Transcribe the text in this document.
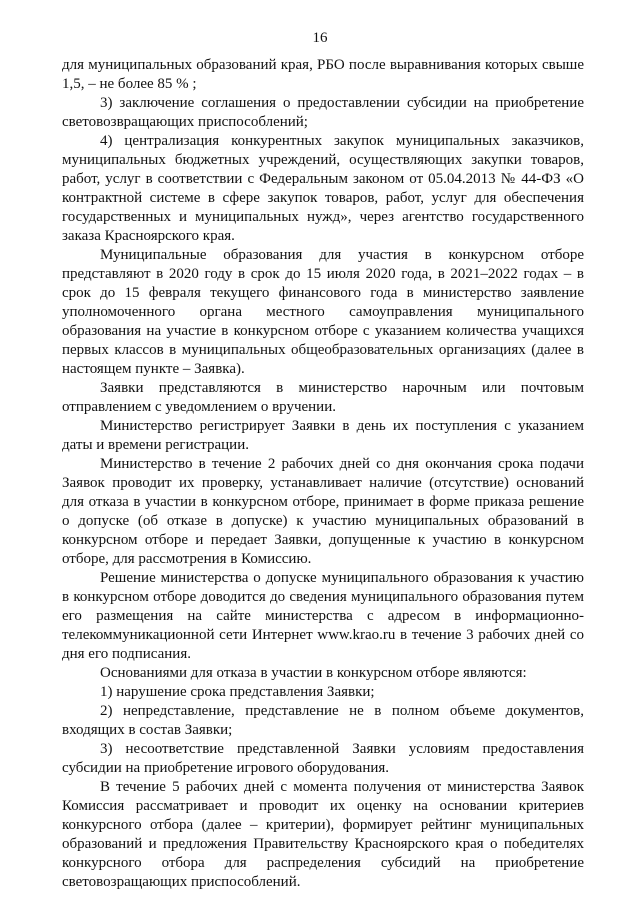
16

для муниципальных образований края, РБО после выравнивания которых свыше 1,5, – не более 85 % ;

3) заключение соглашения о предоставлении субсидии на приобретение световозвращающих приспособлений;

4) централизация конкурентных закупок муниципальных заказчиков, муниципальных бюджетных учреждений, осуществляющих закупки товаров, работ, услуг в соответствии с Федеральным законом от 05.04.2013 № 44-ФЗ «О контрактной системе в сфере закупок товаров, работ, услуг для обеспечения государственных и муниципальных нужд», через агентство государственного заказа Красноярского края.

Муниципальные образования для участия в конкурсном отборе представляют в 2020 году в срок до 15 июля 2020 года, в 2021–2022 годах – в срок до 15 февраля текущего финансового года в министерство заявление уполномоченного органа местного самоуправления муниципального образования на участие в конкурсном отборе с указанием количества учащихся первых классов в муниципальных общеобразовательных организациях (далее в настоящем пункте – Заявка).

Заявки представляются в министерство нарочным или почтовым отправлением с уведомлением о вручении.

Министерство регистрирует Заявки в день их поступления с указанием даты и времени регистрации.

Министерство в течение 2 рабочих дней со дня окончания срока подачи Заявок проводит их проверку, устанавливает наличие (отсутствие) оснований для отказа в участии в конкурсном отборе, принимает в форме приказа решение о допуске (об отказе в допуске) к участию муниципальных образований в конкурсном отборе и передает Заявки, допущенные к участию в конкурсном отборе, для рассмотрения в Комиссию.

Решение министерства о допуске муниципального образования к участию в конкурсном отборе доводится до сведения муниципального образования путем его размещения на сайте министерства с адресом в информационно-телекоммуникационной сети Интернет www.krao.ru в течение 3 рабочих дней со дня его подписания.

Основаниями для отказа в участии в конкурсном отборе являются:

1) нарушение срока представления Заявки;

2) непредставление, представление не в полном объеме документов, входящих в состав Заявки;

3) несоответствие представленной Заявки условиям предоставления субсидии на приобретение игрового оборудования.

В течение 5 рабочих дней с момента получения от министерства Заявок Комиссия рассматривает и проводит их оценку на основании критериев конкурсного отбора (далее – критерии), формирует рейтинг муниципальных образований и предложения Правительству Красноярского края о победителях конкурсного отбора для распределения субсидий на приобретение световозращающих приспособлений.
